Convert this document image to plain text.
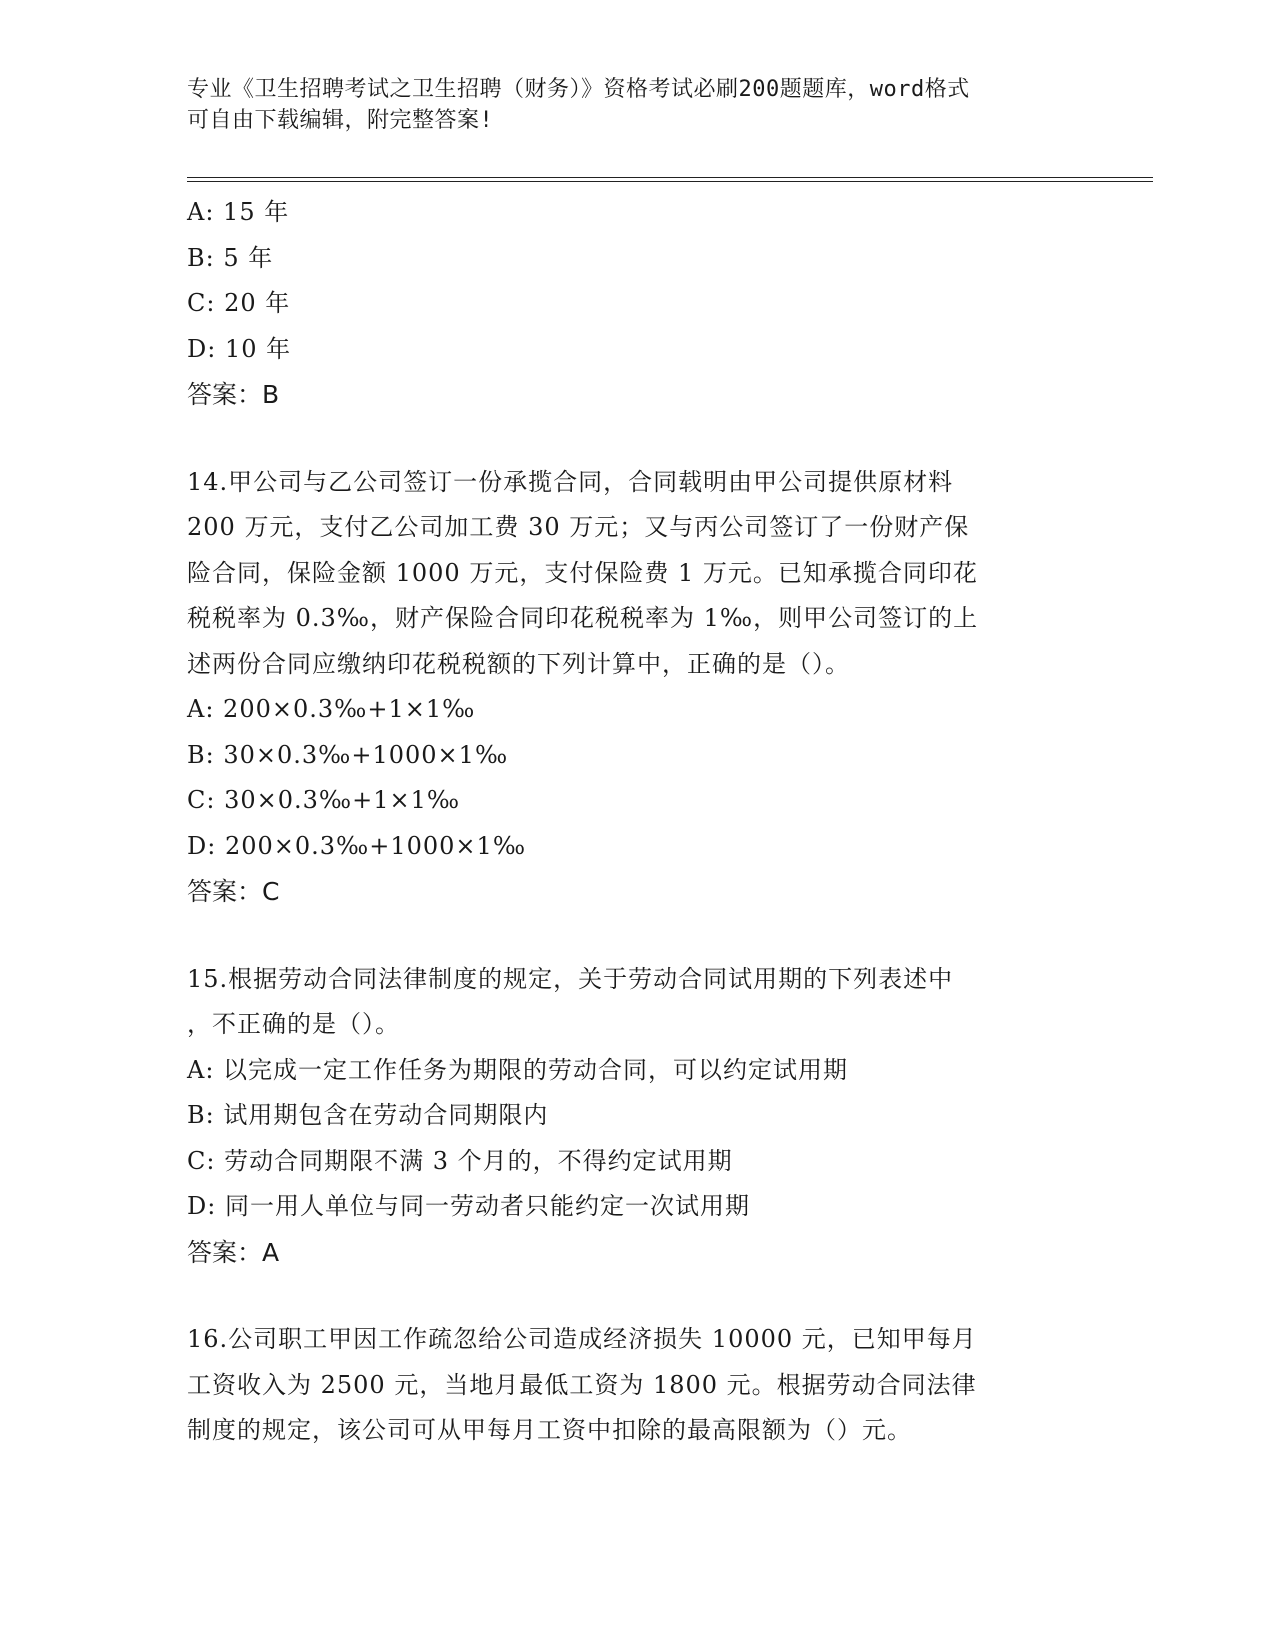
专业《卫生招聘考试之卫生招聘（财务）》资格考试必刷200题题库，word格式
可自由下载编辑，附完整答案!
A: 15 年
B: 5 年
C: 20 年
D: 10 年
答案：B
14.甲公司与乙公司签订一份承揽合同，合同载明由甲公司提供原材料
200 万元，支付乙公司加工费 30 万元；又与丙公司签订了一份财产保
险合同，保险金额 1000 万元，支付保险费 1 万元。已知承揽合同印花
税税率为 0.3‰，财产保险合同印花税税率为 1‰，则甲公司签订的上
述两份合同应缴纳印花税税额的下列计算中，正确的是（）。
A: 200×0.3‰+1×1‰
B: 30×0.3‰+1000×1‰
C: 30×0.3‰+1×1‰
D: 200×0.3‰+1000×1‰
答案：C
15.根据劳动合同法律制度的规定，关于劳动合同试用期的下列表述中
，不正确的是（）。
A: 以完成一定工作任务为期限的劳动合同，可以约定试用期
B: 试用期包含在劳动合同期限内
C: 劳动合同期限不满 3 个月的，不得约定试用期
D: 同一用人单位与同一劳动者只能约定一次试用期
答案：A
16.公司职工甲因工作疏忽给公司造成经济损失 10000 元，已知甲每月
工资收入为 2500 元，当地月最低工资为 1800 元。根据劳动合同法律
制度的规定，该公司可从甲每月工资中扣除的最高限额为（）元。
